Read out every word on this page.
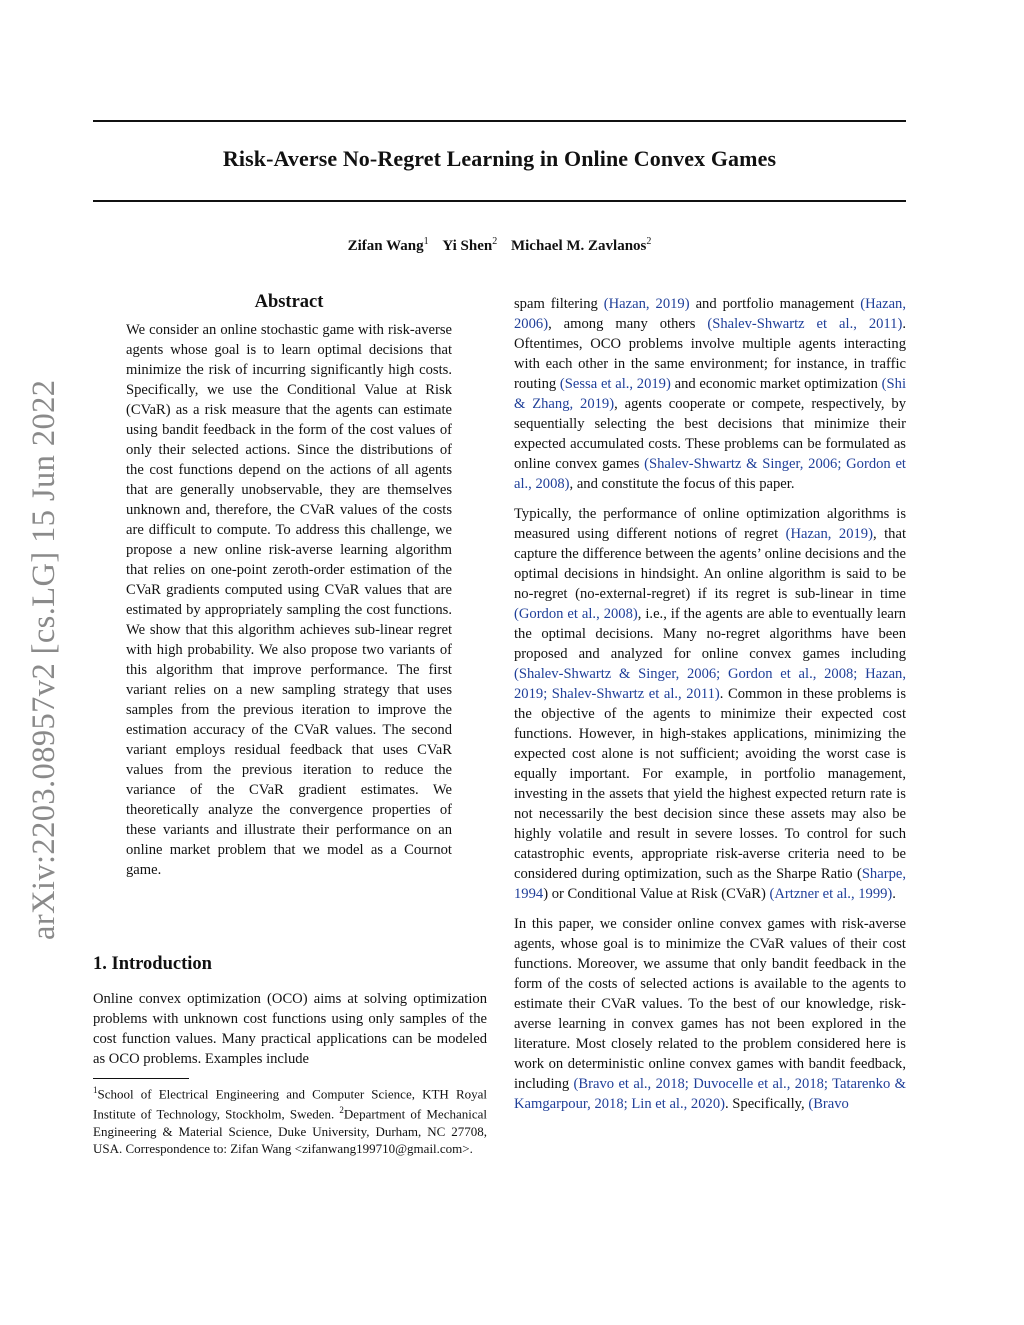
Risk-Averse No-Regret Learning in Online Convex Games
Zifan Wang$^1$ Yi Shen$^2$ Michael M. Zavlanos$^2$
arXiv:2203.08957v2 [cs.LG] 15 Jun 2022
Abstract

We consider an online stochastic game with risk-averse agents whose goal is to learn optimal decisions that minimize the risk of incurring significantly high costs. Specifically, we use the Conditional Value at Risk (CVaR) as a risk measure that the agents can estimate using bandit feedback in the form of the cost values of only their selected actions. Since the distributions of the cost functions depend on the actions of all agents that are generally unobservable, they are themselves unknown and, therefore, the CVaR values of the costs are difficult to compute. To address this challenge, we propose a new online risk-averse learning algorithm that relies on one-point zeroth-order estimation of the CVaR gradients computed using CVaR values that are estimated by appropriately sampling the cost functions. We show that this algorithm achieves sub-linear regret with high probability. We also propose two variants of this algorithm that improve performance. The first variant relies on a new sampling strategy that uses samples from the previous iteration to improve the estimation accuracy of the CVaR values. The second variant employs residual feedback that uses CVaR values from the previous iteration to reduce the variance of the CVaR gradient estimates. We theoretically analyze the convergence properties of these variants and illustrate their performance on an online market problem that we model as a Cournot game.

1. Introduction

Online convex optimization (OCO) aims at solving optimization problems with unknown cost functions using only samples of the cost function values. Many practical applications can be modeled as OCO problems. Examples include

$^1$School of Electrical Engineering and Computer Science, KTH Royal Institute of Technology, Stockholm, Sweden. $^2$Department of Mechanical Engineering & Material Science, Duke University, Durham, NC 27708, USA. Correspondence to: Zifan Wang <zifanwang199710@gmail.com>.

spam filtering (Hazan, 2019) and portfolio management (Hazan, 2006), among many others (Shalev-Shwartz et al., 2011). Oftentimes, OCO problems involve multiple agents interacting with each other in the same environment; for instance, in traffic routing (Sessa et al., 2019) and economic market optimization (Shi & Zhang, 2019), agents cooperate or compete, respectively, by sequentially selecting the best decisions that minimize their expected accumulated costs. These problems can be formulated as online convex games (Shalev-Shwartz & Singer, 2006; Gordon et al., 2008), and constitute the focus of this paper.

Typically, the performance of online optimization algorithms is measured using different notions of regret (Hazan, 2019), that capture the difference between the agents’ online decisions and the optimal decisions in hindsight. An online algorithm is said to be no-regret (no-external-regret) if its regret is sub-linear in time (Gordon et al., 2008), i.e., if the agents are able to eventually learn the optimal decisions. Many no-regret algorithms have been proposed and analyzed for online convex games including (Shalev-Shwartz & Singer, 2006; Gordon et al., 2008; Hazan, 2019; Shalev-Shwartz et al., 2011). Common in these problems is the objective of the agents to minimize their expected cost functions. However, in high-stakes applications, minimizing the expected cost alone is not sufficient; avoiding the worst case is equally important. For example, in portfolio management, investing in the assets that yield the highest expected return rate is not necessarily the best decision since these assets may also be highly volatile and result in severe losses. To control for such catastrophic events, appropriate risk-averse criteria need to be considered during optimization, such as the Sharpe Ratio (Sharpe, 1994) or Conditional Value at Risk (CVaR) (Artzner et al., 1999).

In this paper, we consider online convex games with risk-averse agents, whose goal is to minimize the CVaR values of their cost functions. Moreover, we assume that only bandit feedback in the form of the costs of selected actions is available to the agents to estimate their CVaR values. To the best of our knowledge, risk-averse learning in convex games has not been explored in the literature. Most closely related to the problem considered here is work on deterministic online convex games with bandit feedback, including (Bravo et al., 2018; Duvocelle et al., 2018; Tatarenko & Kamgarpour, 2018; Lin et al., 2020). Specifically, (Bravo
